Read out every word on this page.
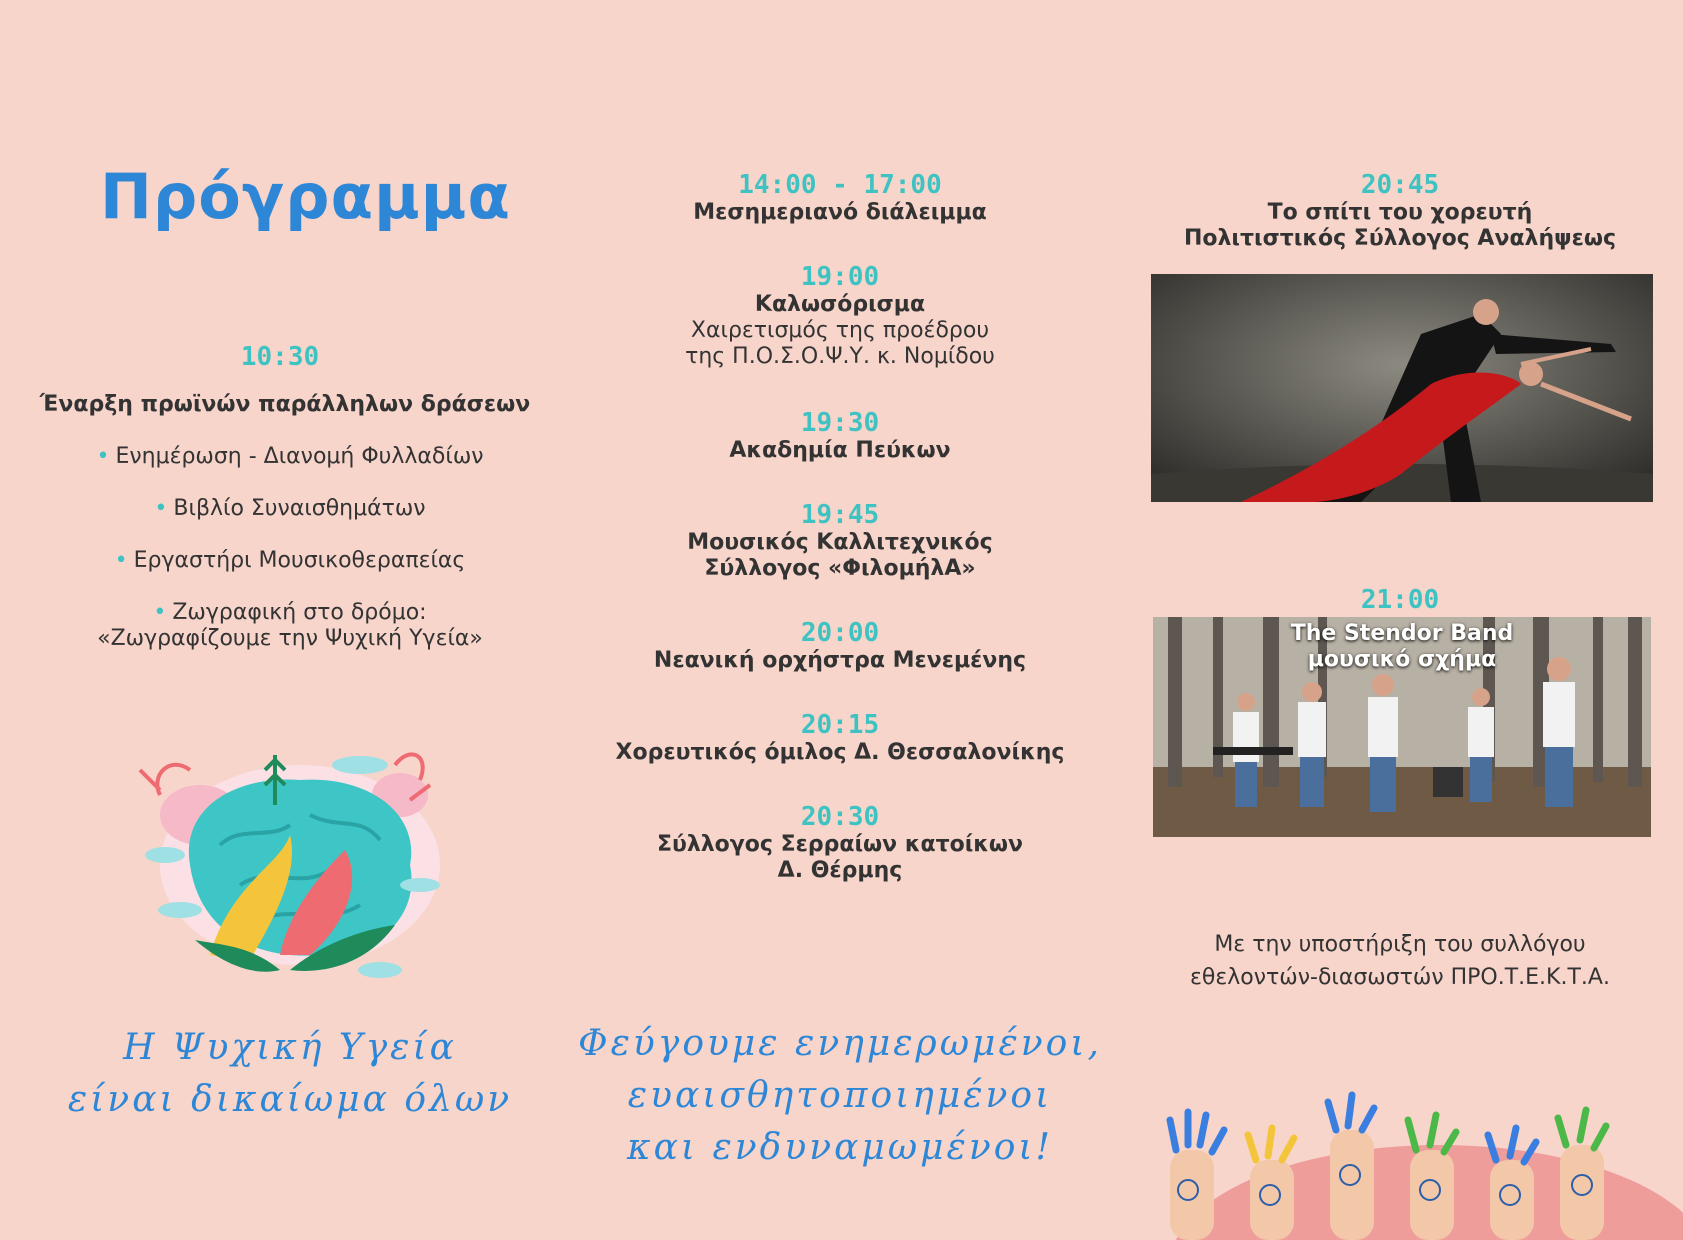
Πρόγραμμα
10:30
Έναρξη πρωϊνών παράλληλων δράσεων
• Ενημέρωση - Διανομή Φυλλαδίων
• Βιβλίο Συναισθημάτων
• Εργαστήρι Μουσικοθεραπείας
• Ζωγραφική στο δρόμο:
«Ζωγραφίζουμε την Ψυχική Υγεία»
Η Ψυχική Υγεία
είναι δικαίωμα όλων
14:00 - 17:00
Μεσημεριανό διάλειμμα
19:00
Καλωσόρισμα
Χαιρετισμός της προέδρου
της Π.Ο.Σ.Ο.Ψ.Υ. κ. Νομίδου
19:30
Ακαδημία Πεύκων
19:45
Μουσικός Καλλιτεχνικός
Σύλλογος «ΦιλομήλΑ»
20:00
Νεανική ορχήστρα Μενεμένης
20:15
Χορευτικός όμιλος Δ. Θεσσαλονίκης
20:30
Σύλλογος Σερραίων κατοίκων
Δ. Θέρμης
Φεύγουμε ενημερωμένοι,
ευαισθητοποιημένοι
και ενδυναμωμένοι!
20:45
Το σπίτι του χορευτή
Πολιτιστικός Σύλλογος Αναλήψεως
21:00
The Stendor Band
μουσικό σχήμα
Με την υποστήριξη του συλλόγου
εθελοντών-διασωστών ΠΡΟ.Τ.Ε.Κ.Τ.Α.
